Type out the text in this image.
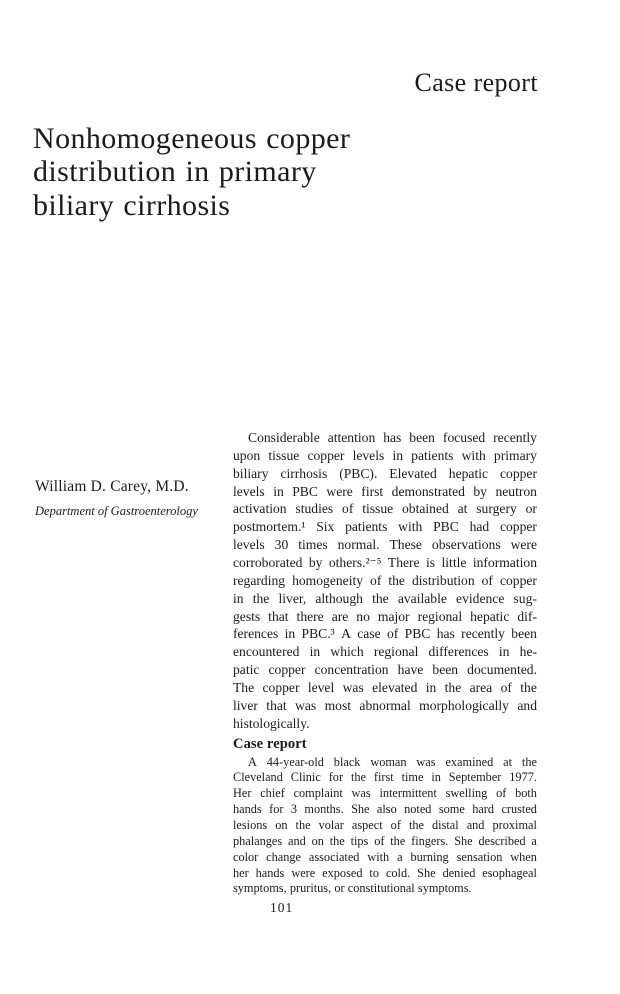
Case report
Nonhomogeneous copper
distribution in primary
biliary cirrhosis
William D. Carey, M.D.
Department of Gastroenterology
Considerable attention has been focused recently
upon tissue copper levels in patients with primary
biliary cirrhosis (PBC). Elevated hepatic copper
levels in PBC were first demonstrated by neutron
activation studies of tissue obtained at surgery or
postmortem.¹ Six patients with PBC had copper
levels 30 times normal. These observations were
corroborated by others.²⁻⁵ There is little information
regarding homogeneity of the distribution of copper
in the liver, although the available evidence sug-
gests that there are no major regional hepatic dif-
ferences in PBC.³ A case of PBC has recently been
encountered in which regional differences in he-
patic copper concentration have been documented.
The copper level was elevated in the area of the
liver that was most abnormal morphologically and
histologically.
Case report
A 44-year-old black woman was examined at the
Cleveland Clinic for the first time in September 1977.
Her chief complaint was intermittent swelling of both
hands for 3 months. She also noted some hard crusted
lesions on the volar aspect of the distal and proximal
phalanges and on the tips of the fingers. She described a
color change associated with a burning sensation when
her hands were exposed to cold. She denied esophageal
symptoms, pruritus, or constitutional symptoms.
101
